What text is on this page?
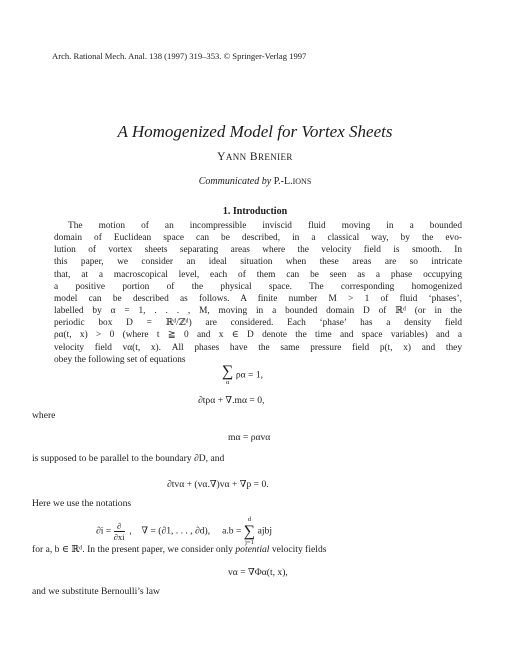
Arch. Rational Mech. Anal. 138 (1997) 319–353. © Springer-Verlag 1997
A Homogenized Model for Vortex Sheets
YANN BRENIER
Communicated by P.-L.IONS
1. Introduction
The motion of an incompressible inviscid fluid moving in a bounded
domain of Euclidean space can be described, in a classical way, by the evo-
lution of vortex sheets separating areas where the velocity field is smooth. In
this paper, we consider an ideal situation when these areas are so intricate
that, at a macroscopical level, each of them can be seen as a phase occupying
a positive portion of the physical space. The corresponding homogenized
model can be described as follows. A finite number M > 1 of fluid ‘phases’,
labelled by α = 1, . . . , M, moving in a bounded domain D of ℝᵈ (or in the
periodic box D = ℝᵈ/ℤᵈ) are considered. Each ‘phase’ has a density field
ρα(t, x) > 0 (where t ≧ 0 and x ∈ D denote the time and space variables) and a
velocity field vα(t, x). All phases have the same pressure field p(t, x) and they
obey the following set of equations
∑
α
ρα = 1,
∂tρα + ∇.mα = 0,
where
mα = ραvα
is supposed to be parallel to the boundary ∂D, and
∂tvα + (vα.∇)vα + ∇p = 0.
Here we use the notations
$\partial i = \frac{\partial}{\partial xi}$ ,    ∇ = (∂1, . . . , ∂d), a.b =
d
∑
j=1
ajbj
for a, b ∈ ℝᵈ. In the present paper, we consider only potential velocity fields
vα = ∇Φα(t, x),
and we substitute Bernoulli’s law
